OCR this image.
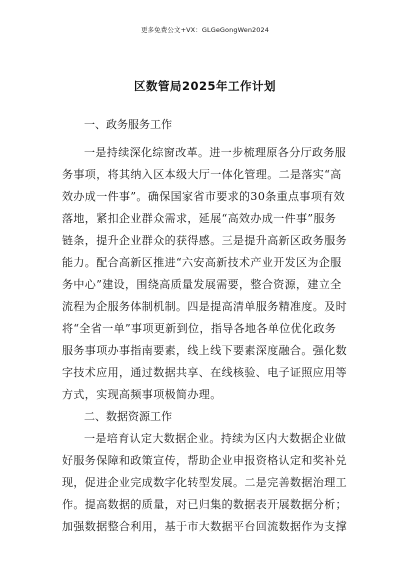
更多免费公文+VX：GLGeGongWen2024
区数管局2025年工作计划
一、政务服务工作
一是持续深化综窗改革。进一步梳理原各分厅政务服
务事项，将其纳入区本级大厅一体化管理。二是落实“高
效办成一件事”。确保国家省市要求的30条重点事项有效
落地，紧扣企业群众需求，延展“高效办成一件事”服务
链条，提升企业群众的获得感。三是提升高新区政务服务
能力。配合高新区推进“六安高新技术产业开发区为企服
务中心”建设，围绕高质量发展需要，整合资源，建立全
流程为企服务体制机制。四是提高清单服务精准度。及时
将“全省一单”事项更新到位，指导各地各单位优化政务
服务事项办事指南要素，线上线下要素深度融合。强化数
字技术应用，通过数据共享、在线核验、电子证照应用等
方式，实现高频事项极简办理。
二、数据资源工作
一是培育认定大数据企业。持续为区内大数据企业做
好服务保障和政策宣传，帮助企业申报资格认定和奖补兑
现，促进企业完成数字化转型发展。二是完善数据治理工
作。提高数据的质量，对已归集的数据表开展数据分析；
加强数据整合利用，基于市大数据平台回流数据作为支撑
